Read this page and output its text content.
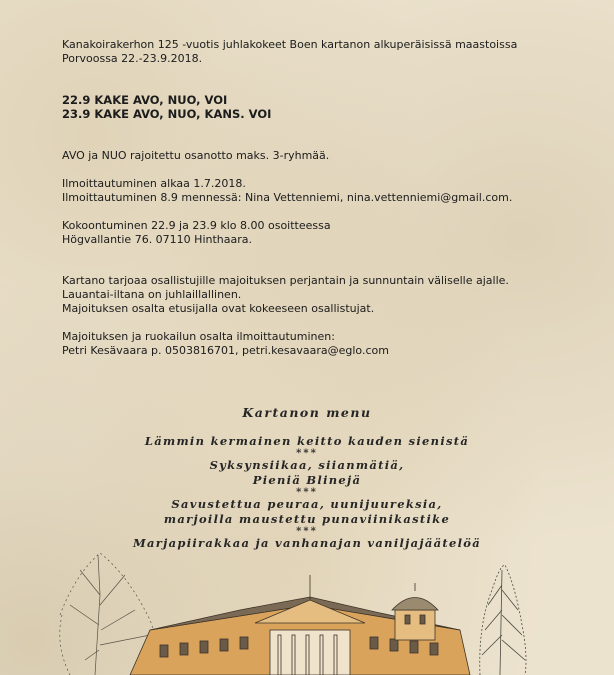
Kanakoirakerhon 125 -vuotis juhlakokeet Boen kartanon alkuperäisissä maastoissa

Porvoossa 22.-23.9.2018.

22.9 KAKE AVO, NUO, VOI

23.9 KAKE AVO, NUO, KANS. VOI

AVO ja NUO rajoitettu osanotto maks. 3-ryhmää.

Ilmoittautuminen alkaa 1.7.2018.

Ilmoittautuminen 8.9 mennessä: Nina Vettenniemi, nina.vettenniemi@gmail.com.

Kokoontuminen 22.9 ja 23.9 klo 8.00 osoitteessa

Högvallantie 76. 07110 Hinthaara.

Kartano tarjoaa osallistujille majoituksen perjantain ja sunnuntain väliselle ajalle.

Lauantai-iltana on juhlaillallinen.

Majoituksen osalta etusijalla ovat kokeeseen osallistujat.

Majoituksen ja ruokailun osalta ilmoittautuminen:

Petri Kesävaara p. 0503816701, petri.kesavaara@eglo.com

Kartanon menu
Lämmin kermainen keitto kauden sienistä
***
Syksynsiikaa, siianmätiä,
Pieniä Blinejä
***
Savustettua peuraa, uunijuureksia,
marjoilla maustettu punaviinikastike
***
Marjapiirakkaa ja vanhanajan vaniljajäätelöä
